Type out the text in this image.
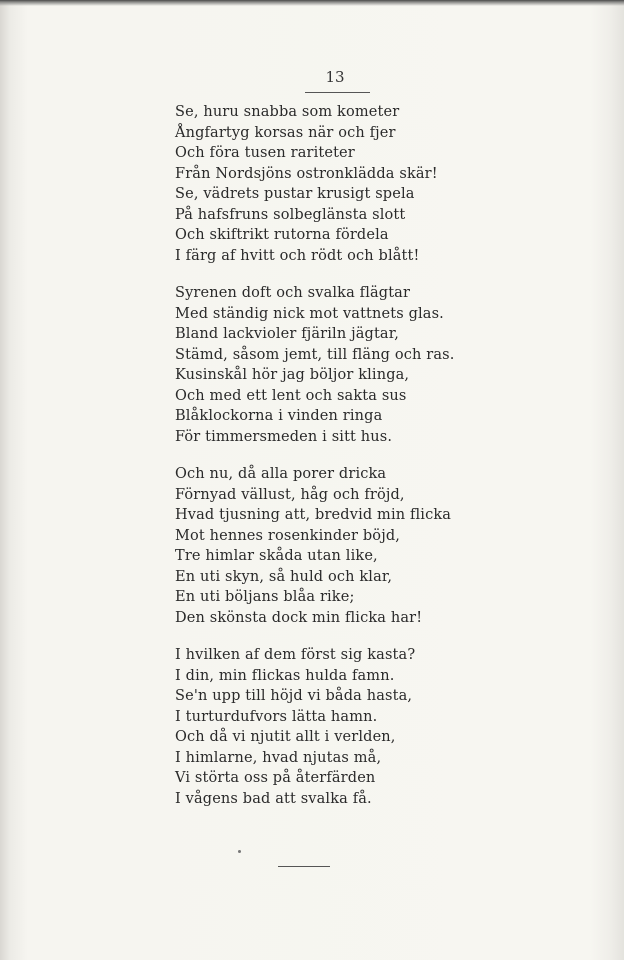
13
Se, huru snabba som kometer
Ångfartyg korsas när och fjer
Och föra tusen rariteter
Från Nordsjöns ostronklädda skär!
Se, vädrets pustar krusigt spela
På hafsfruns solbeglänsta slott
Och skiftrikt rutorna fördela
I färg af hvitt och rödt och blått!
Syrenen doft och svalka flägtar
Med ständig nick mot vattnets glas.
Bland lackvioler fjäriln jägtar,
Stämd, såsom jemt, till fläng och ras.
Kusinskål hör jag böljor klinga,
Och med ett lent och sakta sus
Blåklockorna i vinden ringa
För timmersmeden i sitt hus.
Och nu, då alla porer dricka
Förnyad vällust, håg och fröjd,
Hvad tjusning att, bredvid min flicka
Mot hennes rosenkinder böjd,
Tre himlar skåda utan like,
En uti skyn, så huld och klar,
En uti böljans blåa rike;
Den skönsta dock min flicka har!
I hvilken af dem först sig kasta?
I din, min flickas hulda famn.
Se'n upp till höjd vi båda hasta,
I turturdufvors lätta hamn.
Och då vi njutit allt i verlden,
I himlarne, hvad njutas må,
Vi störta oss på återfärden
I vågens bad att svalka få.
